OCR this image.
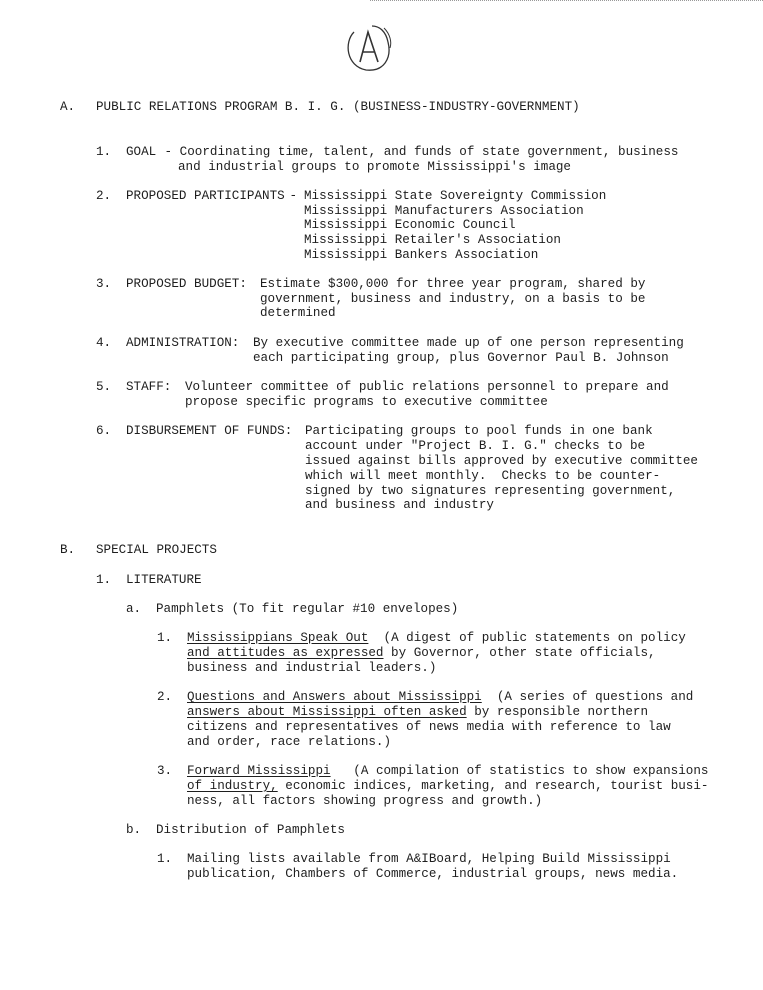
A. PUBLIC RELATIONS PROGRAM B. I. G. (BUSINESS-INDUSTRY-GOVERNMENT)
1. GOAL - Coordinating time, talent, and funds of state government, business
and industrial groups to promote Mississippi's image
2. PROPOSED PARTICIPANTS
- Mississippi State Sovereignty Commission
Mississippi Manufacturers Association
Mississippi Economic Council
Mississippi Retailer's Association
Mississippi Bankers Association
3. PROPOSED BUDGET: Estimate $300,000 for three year program, shared by
government, business and industry, on a basis to be
determined
4. ADMINISTRATION: By executive committee made up of one person representing
each participating group, plus Governor Paul B. Johnson
5. STAFF: Volunteer committee of public relations personnel to prepare and
propose specific programs to executive committee
6. DISBURSEMENT OF FUNDS: Participating groups to pool funds in one bank
account under "Project B. I. G." checks to be
issued against bills approved by executive committee
which will meet monthly.  Checks to be counter-
signed by two signatures representing government,
and business and industry
B. SPECIAL PROJECTS
1. LITERATURE
a. Pamphlets (To fit regular #10 envelopes)
1. Mississippians Speak Out  (A digest of public statements on policy
and attitudes as expressed by Governor, other state officials,
business and industrial leaders.)
2. Questions and Answers about Mississippi  (A series of questions and
answers about Mississippi often asked by responsible northern
citizens and representatives of news media with reference to law
and order, race relations.)
3. Forward Mississippi   (A compilation of statistics to show expansions
of industry, economic indices, marketing, and research, tourist busi-
ness, all factors showing progress and growth.)
b. Distribution of Pamphlets
1. Mailing lists available from A&IBoard, Helping Build Mississippi
publication, Chambers of Commerce, industrial groups, news media.
